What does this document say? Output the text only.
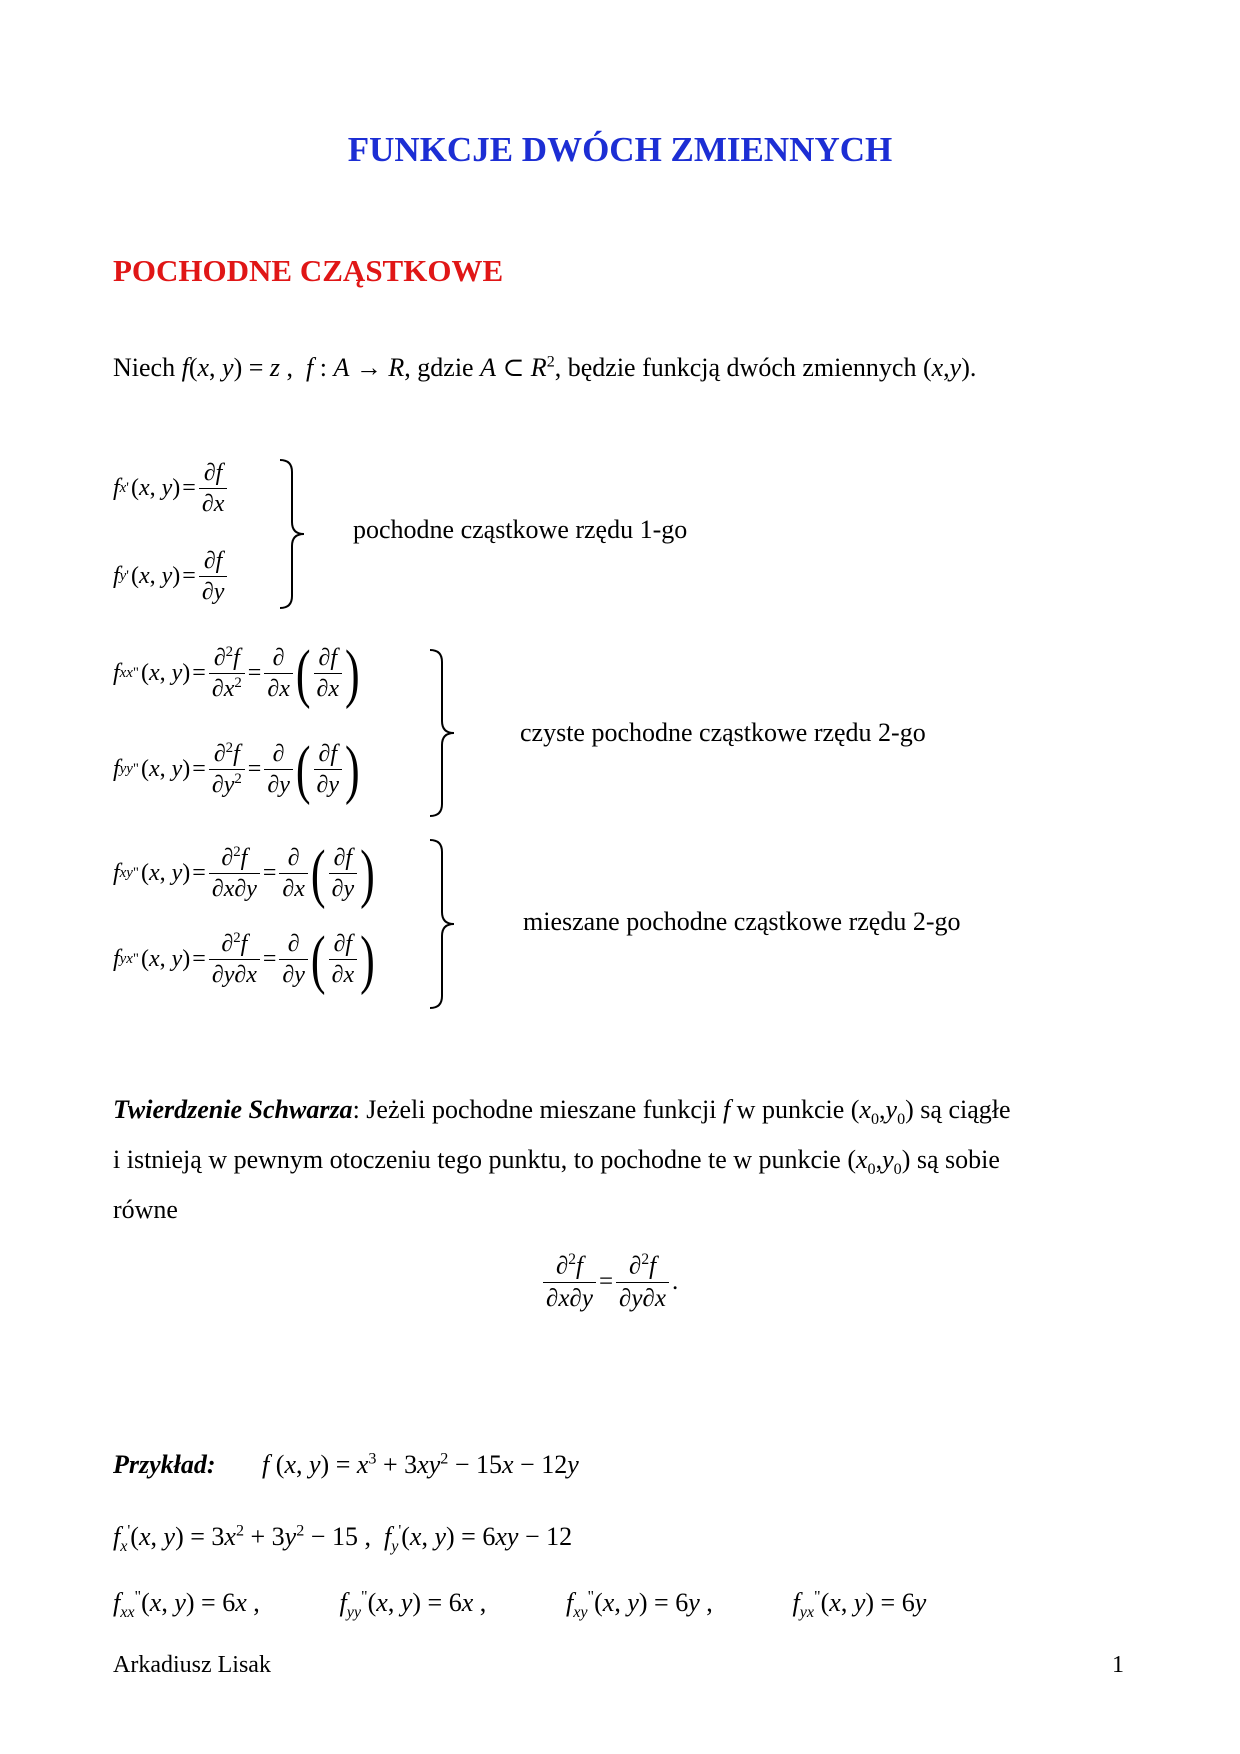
FUNKCJE DWÓCH ZMIENNYCH
POCHODNE CZĄSTKOWE
Niech f(x, y) = z ,  f : A → R, gdzie A ⊂ $R^2$, będzie funkcją dwóch zmiennych (x,y).
f x ' (x, y) =
∂f
∂x
f y ' (x, y) =
∂f
∂y
pochodne cząstkowe rzędu 1-go
f xx " (x, y) =
∂$^2$f
$\partial x^2$ =
∂
∂x ( ∂f
∂x )
f yy " (x, y) =
∂$^2$f
$\partial y^2$ =
∂
∂y ( ∂f
∂y )	czyste pochodne cząstkowe rzędu 2-go
f xy " (x, y) =
∂$^2$f
∂x∂y
=
∂
∂x ( ∂f
∂y )
f yx " (x, y) =
∂$^2$f
∂y∂x
=
∂
∂y ( ∂f
∂x )
mieszane pochodne cząstkowe rzędu 2-go
Twierdzenie Schwarza: Jeżeli pochodne mieszane funkcji f w punkcie $(x_0,y_0)$ są ciągłe
i istnieją w pewnym otoczeniu tego punktu, to pochodne te w punkcie $(x_0,y_0)$ są sobie
równe
∂$^2$f
∂x∂y
=
∂$^2$f
∂y∂x
.
Przykład: f (x, $y) = x^3 + 3xy^2 - 15x - 12y$
$f_x'(x$, $y) = 3x^2 + 3y^2 - 15$ ,  $f_y'(x$, y) = 6xy − 12
$f_{xx}^"(x$, y) = 6x ,	$f_{yy}^"(x$, y) = 6x ,	$f_{xy}^"(x$, y) = 6y ,	$f_{yx}^"(x$, y) = 6y
Arkadiusz Lisak	1
